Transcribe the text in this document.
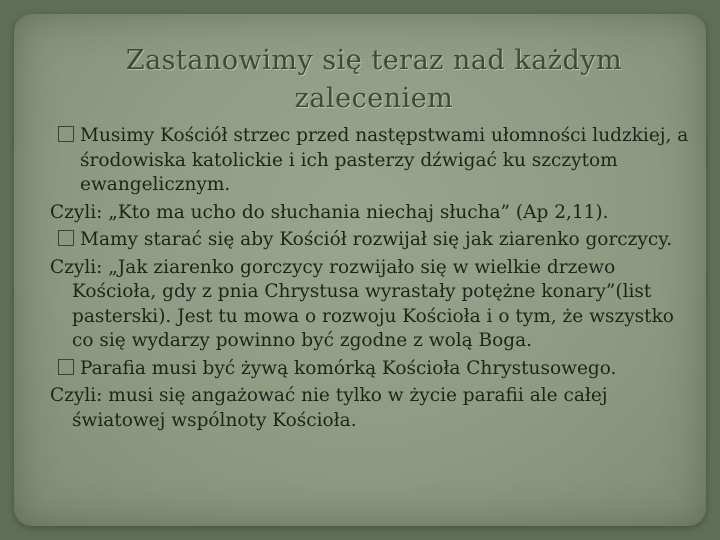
Zastanowimy się teraz nad każdym zaleceniem

Musimy Kościół strzec przed następstwami ułomności ludzkiej, a środowiska katolickie i ich pasterzy dźwigać ku szczytom ewangelicznym.

Czyli: „Kto ma ucho do słuchania niechaj słucha” (Ap 2,11).

Mamy starać się aby Kościół rozwijał się jak ziarenko gorczycy.

Czyli: „Jak ziarenko gorczycy rozwijało się w wielkie drzewo Kościoła, gdy z pnia Chrystusa wyrastały potężne konary”(list pasterski). Jest tu mowa o rozwoju Kościoła i o tym, że wszystko co się wydarzy powinno być zgodne z wolą Boga.

Parafia musi być żywą komórką Kościoła Chrystusowego.

Czyli: musi się angażować nie tylko w życie parafii ale całej światowej wspólnoty Kościoła.
